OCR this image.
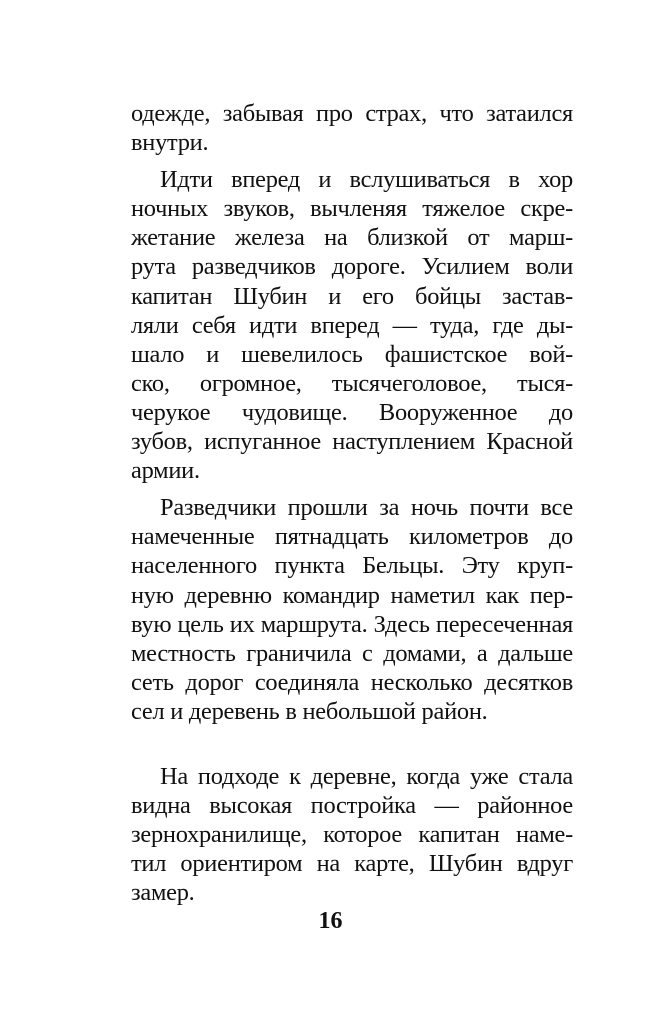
одежде, забывая про страх, что затаился
внутри.
Идти вперед и вслушиваться в хор
ночных звуков, вычленяя тяжелое скре-
жетание железа на близкой от марш-
рута разведчиков дороге. Усилием воли
капитан Шубин и его бойцы застав-
ляли себя идти вперед — туда, где ды-
шало и шевелилось фашистское вой-
ско, огромное, тысячеголовое, тыся-
черукое чудовище. Вооруженное до
зубов, испуганное наступлением Красной
армии.
Разведчики прошли за ночь почти все
намеченные пятнадцать километров до
населенного пункта Бельцы. Эту круп-
ную деревню командир наметил как пер-
вую цель их маршрута. Здесь пересеченная
местность граничила с домами, а дальше
сеть дорог соединяла несколько десятков
сел и деревень в небольшой район.
На подходе к деревне, когда уже стала
видна высокая постройка — районное
зернохранилище, которое капитан наме-
тил ориентиром на карте, Шубин вдруг
замер.
16
